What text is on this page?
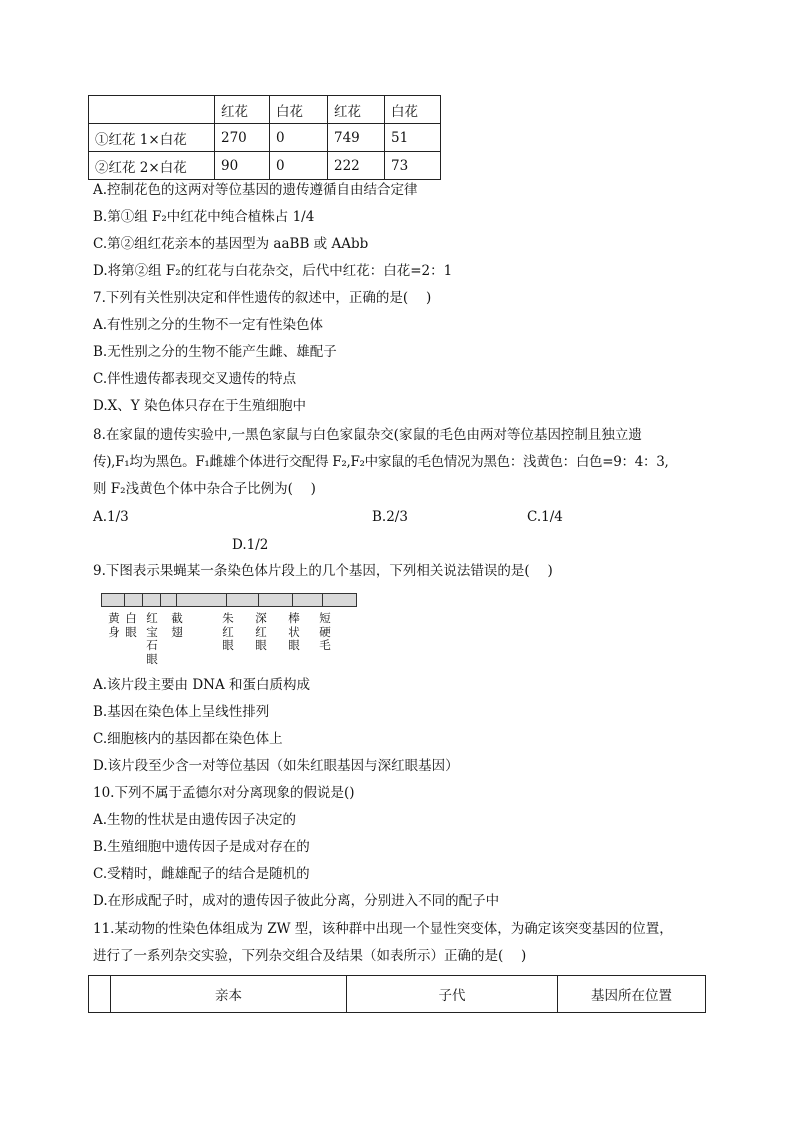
	红花	白花	红花	白花
①红花 1×白花	270	0	749	51
②红花 2×白花	90	0	222	73
A.控制花色的这两对等位基因的遗传遵循自由结合定律
B.第①组 F₂中红花中纯合植株占 1/4
C.第②组红花亲本的基因型为 aaBB 或 AAbb
D.将第②组 F₂的红花与白花杂交，后代中红花：白花=2：1
7.下列有关性别决定和伴性遗传的叙述中，正确的是(　 )
A.有性别之分的生物不一定有性染色体
B.无性别之分的生物不能产生雌、雄配子
C.伴性遗传都表现交叉遗传的特点
D.X、Y 染色体只存在于生殖细胞中
8.在家鼠的遗传实验中,一黑色家鼠与白色家鼠杂交(家鼠的毛色由两对等位基因控制且独立遗
传),F₁均为黑色。F₁雌雄个体进行交配得 F₂,F₂中家鼠的毛色情况为黑色：浅黄色：白色=9：4：3,
则 F₂浅黄色个体中杂合子比例为(　 )
A.1/3	B.2/3	C.1/4
D.1/2
9.下图表示果蝇某一条染色体片段上的几个基因，下列相关说法错误的是(　 )
黄身
白眼
红宝石眼
截翅
朱红眼
深红眼
棒状眼
短硬毛
A.该片段主要由 DNA 和蛋白质构成
B.基因在染色体上呈线性排列
C.细胞核内的基因都在染色体上
D.该片段至少含一对等位基因（如朱红眼基因与深红眼基因）
10.下列不属于孟德尔对分离现象的假说是()
A.生物的性状是由遗传因子决定的
B.生殖细胞中遗传因子是成对存在的
C.受精时，雌雄配子的结合是随机的
D.在形成配子时，成对的遗传因子彼此分离，分别进入不同的配子中
11.某动物的性染色体组成为 ZW 型，该种群中出现一个显性突变体，为确定该突变基因的位置，
进行了一系列杂交实验，下列杂交组合及结果（如表所示）正确的是(　 )
	亲本	子代	基因所在位置
